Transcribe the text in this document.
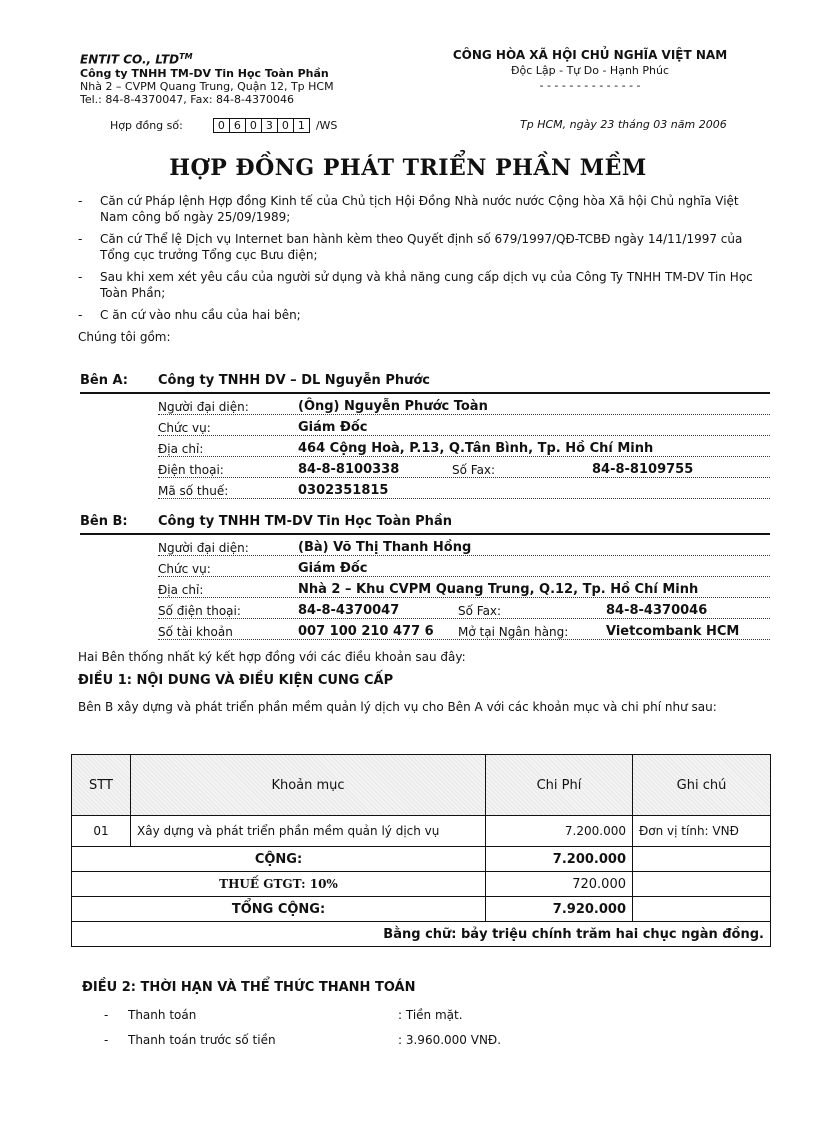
ENTIT CO., LTD™
Công ty TNHH TM-DV Tin Học Toàn Phần
Nhà 2 – CVPM Quang Trung, Quận 12, Tp HCM
Tel.: 84-8-4370047, Fax: 84-8-4370046
Hợp đồng số:	0 6 0 3 0 1	/WS
CÔNG HÒA XÃ HỘI CHỦ NGHĨA VIỆT NAM
Độc Lập - Tự Do - Hạnh Phúc
- - - - - - - - - - - - - -
Tp HCM, ngày 23 tháng 03 năm 2006
HỢP ĐỒNG PHÁT TRIỂN PHẦN MỀM
-	Căn cứ Pháp lệnh Hợp đồng Kinh tế của Chủ tịch Hội Đồng Nhà nước nước Cộng hòa Xã hội Chủ nghĩa Việt Nam công bố ngày 25/09/1989;
-	Căn cứ Thể lệ Dịch vụ Internet ban hành kèm theo Quyết định số 679/1997/QĐ-TCBĐ ngày 14/11/1997 của Tổng cục trưởng Tổng cục Bưu điện;
-	Sau khi xem xét yêu cầu của người sử dụng và khả năng cung cấp dịch vụ của Công Ty TNHH TM-DV Tin Học Toàn Phần;
-	C ăn cứ vào nhu cầu của hai bên;
Chúng tôi gồm:
Bên A:	Công ty TNHH DV – DL Nguyễn Phước
Người đại diện:	(Ông) Nguyễn Phước Toàn
Chức vụ:	Giám Đốc
Địa chỉ:	464 Cộng Hoà, P.13, Q.Tân Bình, Tp. Hồ Chí Minh
Điện thoại:	84-8-8100338	Số Fax:	84-8-8109755
Mã số thuế:	0302351815
Bên B:	Công ty TNHH TM-DV Tin Học Toàn Phần
Người đại diện:	(Bà) Võ Thị Thanh Hồng
Chức vụ:	Giám Đốc
Địa chỉ:	Nhà 2 – Khu CVPM Quang Trung, Q.12, Tp. Hồ Chí Minh
Số điện thoại:	84-8-4370047	Số Fax:	84-8-4370046
Số tài khoản	007 100 210 477 6	Mở tại Ngân hàng:	Vietcombank HCM
Hai Bên thống nhất ký kết hợp đồng với các điều khoản sau đây:
ĐIỀU 1: NỘI DUNG VÀ ĐIỀU KIỆN CUNG CẤP
Bên B xây dựng và phát triển phần mềm quản lý dịch vụ cho Bên A với các khoản mục và chi phí như sau:
STT	Khoản mục	Chi Phí	Ghi chú
01	Xây dựng và phát triển phần mềm quản lý dịch vụ	7.200.000	Đơn vị tính: VNĐ
CỘNG:		7.200.000	
THUẾ GTGT: 10%		720.000	
TỔNG CỘNG:		7.920.000	
Bằng chữ: bảy triệu chính trăm hai chục ngàn đồng.			
ĐIỀU 2: THỜI HẠN VÀ THỂ THỨC THANH TOÁN
-	Thanh toán	: Tiền mặt.
-	Thanh toán trước số tiền	: 3.960.000 VNĐ.
